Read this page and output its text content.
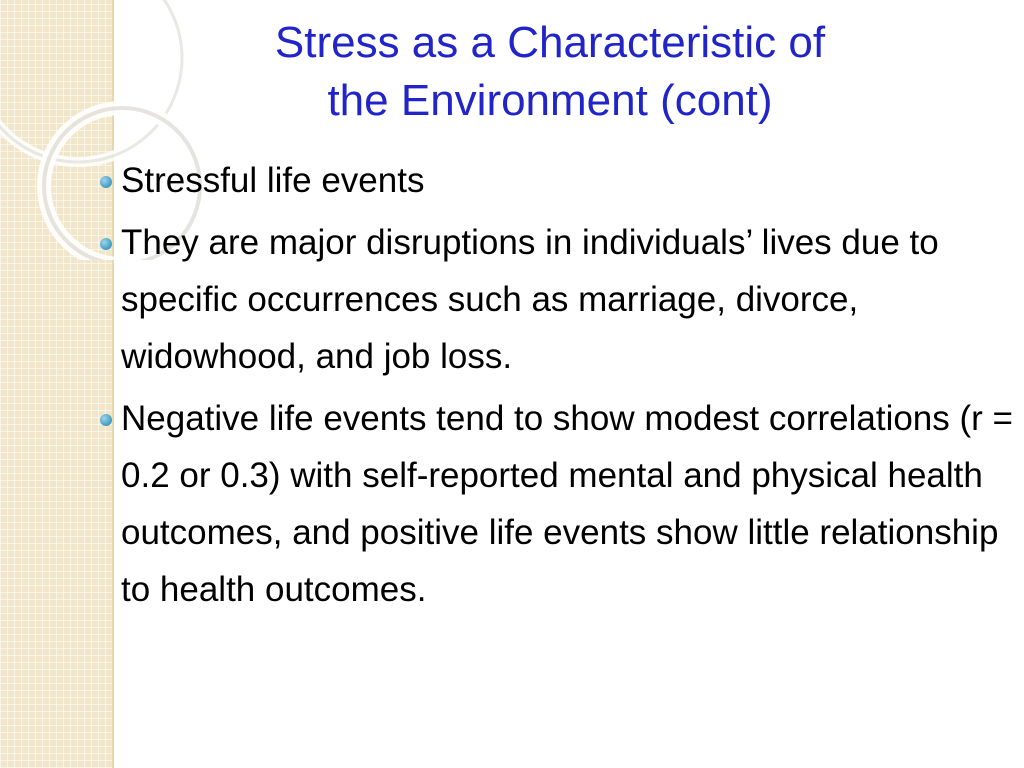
Stress as a Characteristic of
the Environment (cont)
Stressful life events
They are major disruptions in individuals’ lives due to specific occurrences such as marriage, divorce, widowhood, and job loss.
Negative life events tend to show modest correlations (r = 0.2 or 0.3) with self-reported mental and physical health outcomes, and positive life events show little relationship to health outcomes.
